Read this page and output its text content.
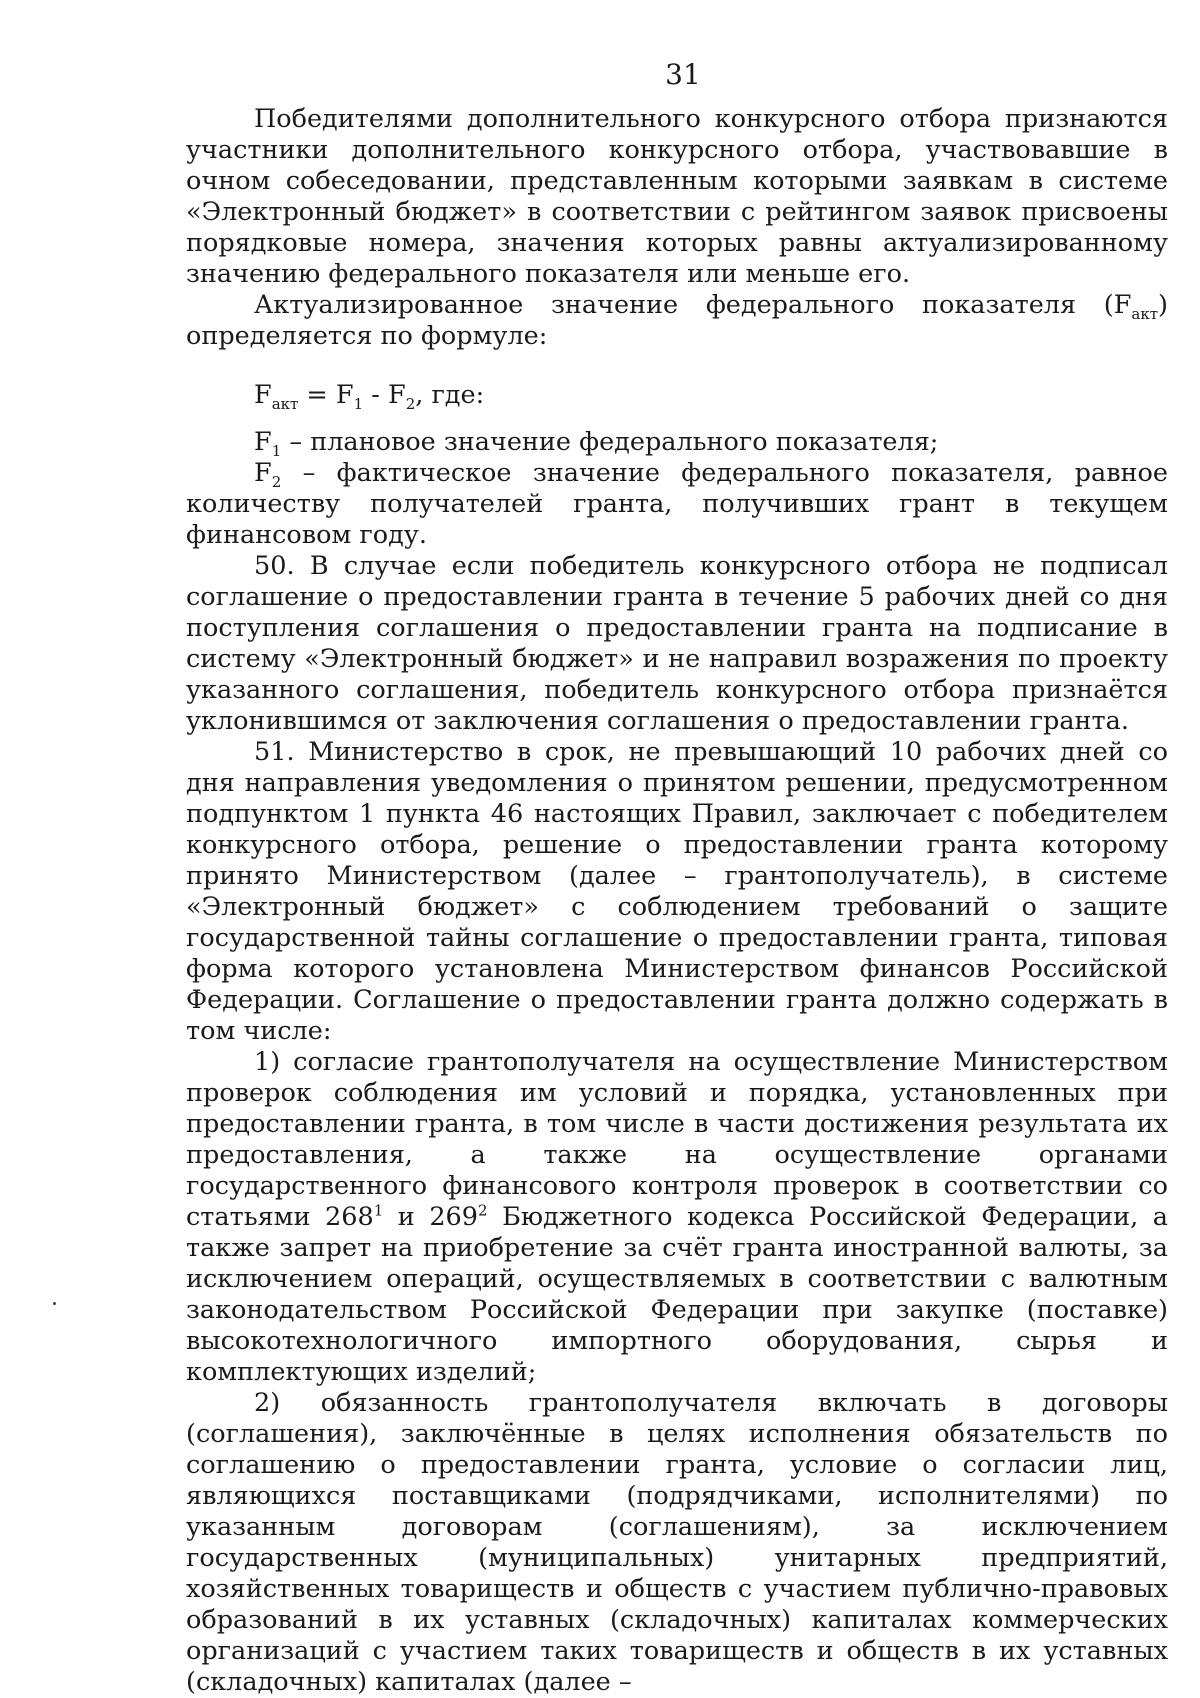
31

Победителями дополнительного конкурсного отбора признаются участники дополнительного конкурсного отбора, участвовавшие в очном собеседовании, представленным которыми заявкам в системе «Электронный бюджет» в соответствии с рейтингом заявок присвоены порядковые номера, значения которых равны актуализированному значению федерального показателя или меньше его.

Актуализированное значение федерального показателя $(F_{акт})$ определяется по формуле:

$F_{акт} = F_1 - F_2$, где:

$F_1$ – плановое значение федерального показателя;

$F_2$ – фактическое значение федерального показателя, равное количеству получателей гранта, получивших грант в текущем финансовом году.

50. В случае если победитель конкурсного отбора не подписал соглашение о предоставлении гранта в течение 5 рабочих дней со дня поступления соглашения о предоставлении гранта на подписание в систему «Электронный бюджет» и не направил возражения по проекту указанного соглашения, победитель конкурсного отбора признаётся уклонившимся от заключения соглашения о предоставлении гранта.

51. Министерство в срок, не превышающий 10 рабочих дней со дня направления уведомления о принятом решении, предусмотренном подпунктом 1 пункта 46 настоящих Правил, заключает с победителем конкурсного отбора, решение о предоставлении гранта которому принято Министерством (далее – грантополучатель), в системе «Электронный бюджет» с соблюдением требований о защите государственной тайны соглашение о предоставлении гранта, типовая форма которого установлена Министерством финансов Российской Федерации. Соглашение о предоставлении гранта должно содержать в том числе:

1) согласие грантополучателя на осуществление Министерством проверок соблюдения им условий и порядка, установленных при предоставлении гранта, в том числе в части достижения результата их предоставления, а также на осуществление органами государственного финансового контроля проверок в соответствии со статьями $268^1$ и $269^2$ Бюджетного кодекса Российской Федерации, а также запрет на приобретение за счёт гранта иностранной валюты, за исключением операций, осуществляемых в соответствии с валютным законодательством Российской Федерации при закупке (поставке) высокотехнологичного импортного оборудования, сырья и комплектующих изделий;

2) обязанность грантополучателя включать в договоры (соглашения), заключённые в целях исполнения обязательств по соглашению о предоставлении гранта, условие о согласии лиц, являющихся поставщиками (подрядчиками, исполнителями) по указанным договорам (соглашениям), за исключением государственных (муниципальных) унитарных предприятий, хозяйственных товариществ и обществ с участием публично-правовых образований в их уставных (складочных) капиталах коммерческих организаций с участием таких товариществ и обществ в их уставных (складочных) капиталах (далее –
